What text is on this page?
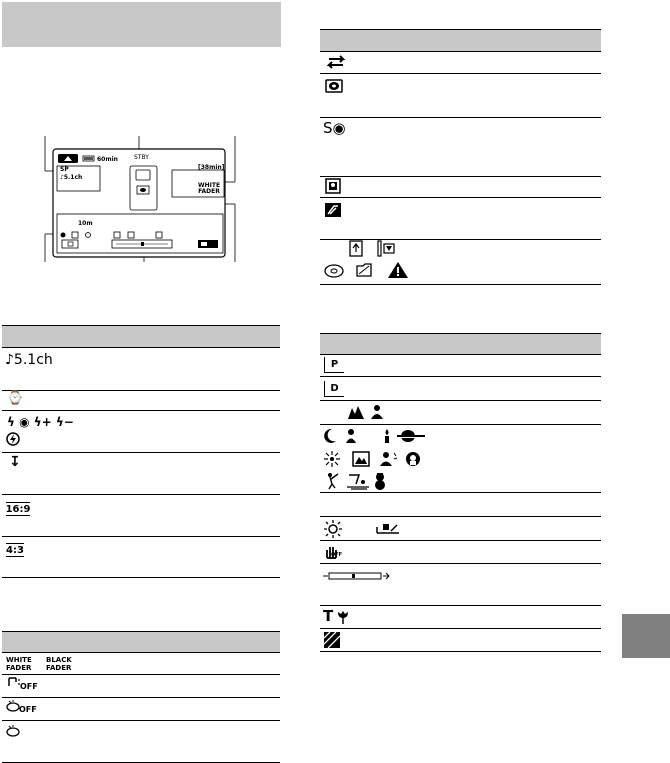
60min	STBY
SP
♪5.1ch
[38min]
WHITE FADER
10m
♪5.1ch
⌚
ϟ ◉ ϟ+ ϟ−
↧
16:9
4:3
WHITE
FADER
BLACK
FADER
OFF
OFF
S◉
P
D
OFF
T
